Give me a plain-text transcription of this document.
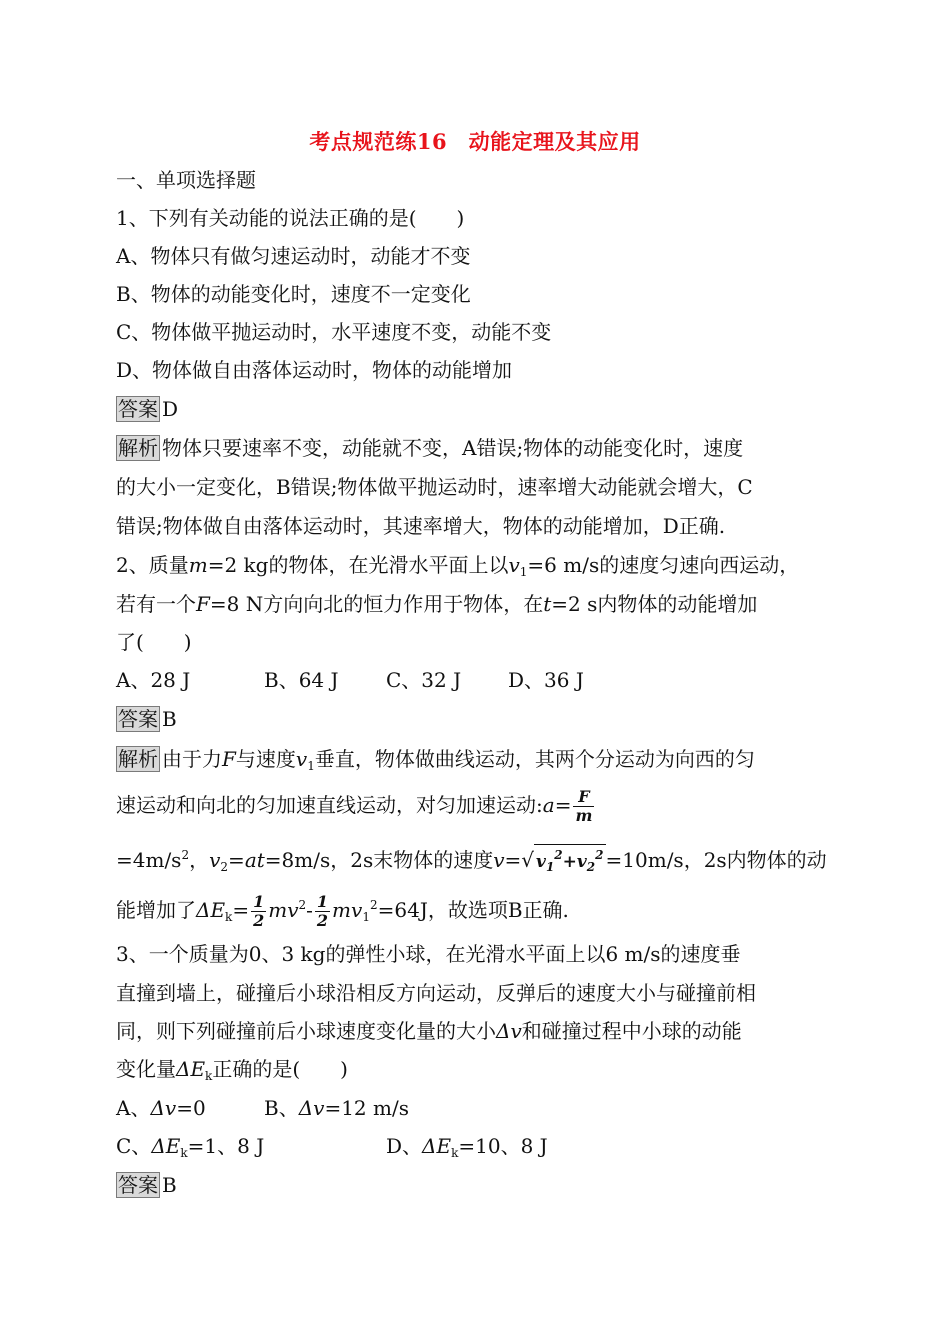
考点规范练16　动能定理及其应用
一、单项选择题
1、下列有关动能的说法正确的是(　　)
A、物体只有做匀速运动时，动能才不变
B、物体的动能变化时，速度不一定变化
C、物体做平抛运动时，水平速度不变，动能不变
D、物体做自由落体运动时，物体的动能增加
答案 D
解析 物体只要速率不变，动能就不变，A错误;物体的动能变化时，速度
的大小一定变化，B错误;物体做平抛运动时，速率增大动能就会增大，C
错误;物体做自由落体运动时，其速率增大，物体的动能增加，D正确.
2、质量m=2 kg的物体，在光滑水平面上以$v_1=6$ m/s的速度匀速向西运动，
若有一个F=8 N方向向北的恒力作用于物体，在t=2 s内物体的动能增加
了(　　)
A、28 J	B、64 J C、32 J D、36 J
答案 B
解析 由于力F与速度$v_1$垂直，物体做曲线运动，其两个分运动为向西的匀
速运动和向北的匀加速直线运动，对匀加速运动:a= $\frac{F}{m}$
$=4m/s^2$，$v_2=at=8m/s$，2s末物体的速度v=√ $v_1^2+v_2^2 =10m/s$，2s内物体的动
能增加了$\Delta E_k= \frac{1}{2} mv^2- \frac{1}{2} mv_1^2=64J$，故选项B正确.
3、一个质量为0、3 kg的弹性小球，在光滑水平面上以6 m/s的速度垂
直撞到墙上，碰撞后小球沿相反方向运动，反弹后的速度大小与碰撞前相
同，则下列碰撞前后小球速度变化量的大小Δv和碰撞过程中小球的动能
变化量$\Delta E_k$正确的是(　　)
A、Δv=0	B、Δv=12 m/s
C、$\Delta E_k=1$、8 J	D、$\Delta E_k=10$、8 J
答案 B
